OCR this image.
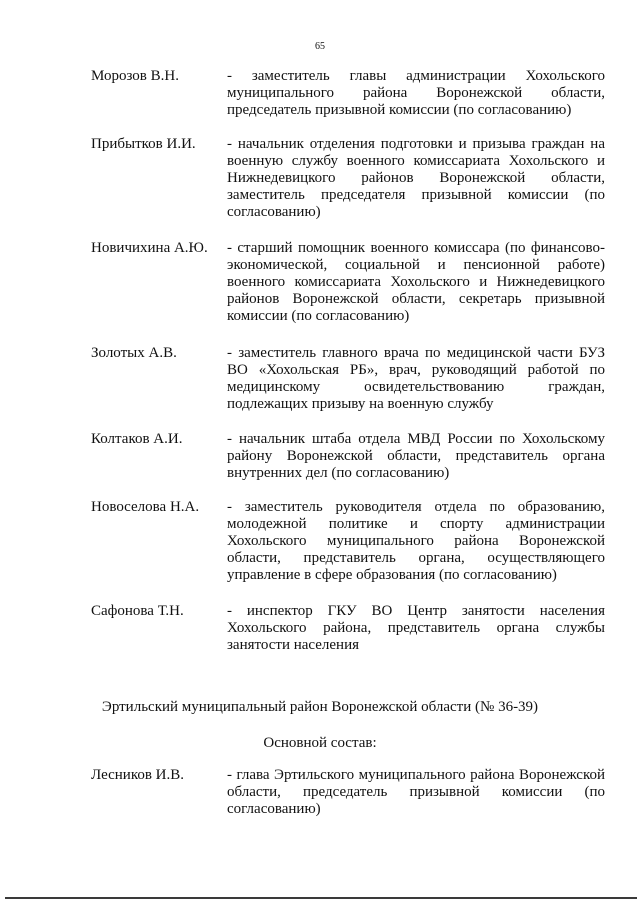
65
Морозов В.Н.	- заместитель главы администрации Хохольского муниципального района Воронежской области, председатель призывной комиссии (по согласованию)
Прибытков И.И.	- начальник отделения подготовки и призыва граждан на военную службу военного комиссариата Хохольского и Нижнедевицкого районов Воронежской области, заместитель председателя призывной комиссии (по согласованию)
Новичихина А.Ю.	- старший помощник военного комиссара (по финансово-экономической, социальной и пенсионной работе) военного комиссариата Хохольского и Нижнедевицкого районов Воронежской области, секретарь призывной комиссии (по согласованию)
Золотых А.В.	- заместитель главного врача по медицинской части БУЗ ВО «Хохольская РБ», врач, руководящий работой по медицинскому освидетельствованию граждан, подлежащих призыву на военную службу
Колтаков А.И.	- начальник штаба отдела МВД России по Хохольскому району Воронежской области, представитель органа внутренних дел (по согласованию)
Новоселова Н.А.	- заместитель руководителя отдела по образованию, молодежной политике и спорту администрации Хохольского муниципального района Воронежской области, представитель органа, осуществляющего управление в сфере образования (по согласованию)
Сафонова Т.Н.	- инспектор ГКУ ВО Центр занятости населения Хохольского района, представитель органа службы занятости населения
Эртильский муниципальный район Воронежской области (№ 36-39)
Основной состав:
Лесников И.В.	- глава Эртильского муниципального района Воронежской области, председатель призывной комиссии (по согласованию)
